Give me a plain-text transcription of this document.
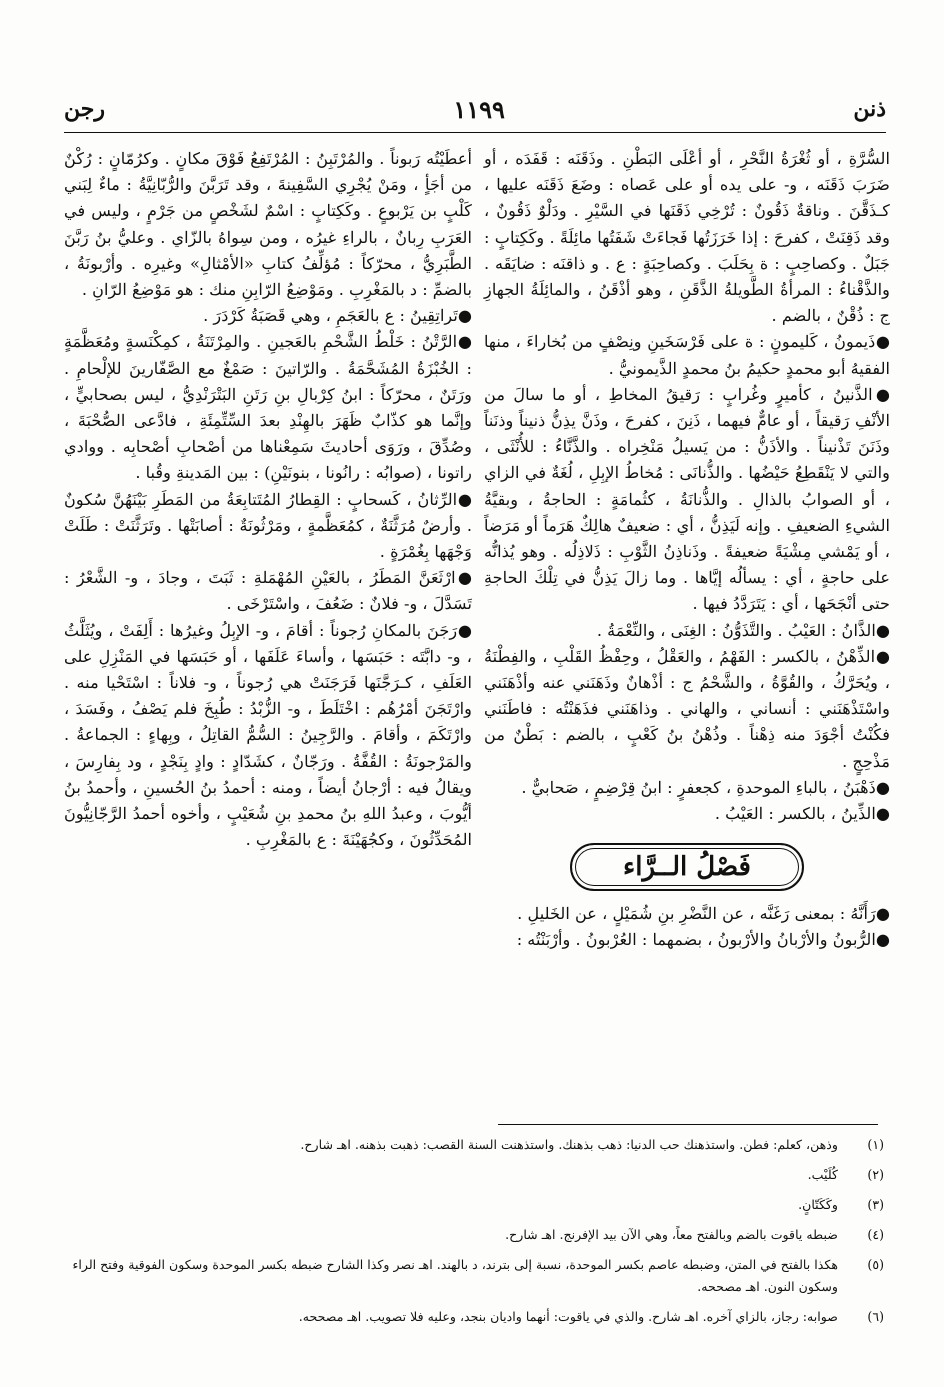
ذنن
١١٩٩
رجن

السُّرَّةِ ، أو ثُغْرَةُ النَّحْرِ ، أو أعْلَى البَطْنِ . وذَقَنَه : قَفَدَه ، أو ضَرَبَ ذَقَنَه ، و- على يده أو على عَصاه : وضَعَ ذَقَنَه عليها ، كـذَقَّنَ . وناقةٌ ذَقُونٌ : تُرْخِي ذَقَنَها في السَّيْرِ . ودَلْوٌ ذَقُونٌ ، وقد ذَقِنَتْ ، كفرحَ : إذا خَرَزَتُها فَجاءَتْ شَفَتُها مائِلَةً . وكَكِتابٍ : جَبَلٌ . وكصاحِبٍ : ة بِحَلَبَ . وكصاحِبَةٍ : ع . و ذاقنَه : ضايَقَه . والذَّقْناءُ : المرأةُ الطَّويلةُ الذَّقَنِ ، وهو أذْقَنُ ، والمائِلَةُ الجهازِ ج : ذُقْنٌ ، بالضم .

●ذَيمونُ ، كَليمونٍ : ة على فَرْسَخَينِ ونِصْفٍ من بُخاراءَ ، منها الفقيهُ أبو محمدٍ حكيمُ بنُ محمدٍ الذَّيمونيُّ .

●الذَّنينُ ، كأميرٍ وغُرابٍ : رَقيقُ المخاطِ ، أو ما سالَ من الأنْفِ رَقيقاً ، أو عامٌّ فيهما ، ذَنِنَ ، كفرحَ ، وذَنَّ يذِنُّ ذنيناً وذنَناً وذَنَنَ تَذْنيناً . والأذَنُّ : من يَسيلُ مَنْخِراه . والذَّنَّاءُ : للأُنْثَى ، والتي لا يَنْقَطِعُ حَيْضُها . والذُّنانَى : مُخاطُ الإبِلِ ، لُغَةٌ في الزاي ، أو الصوابُ بالذالِ . والذُّنانَةُ ، كثُمامَةٍ : الحاجةُ ، وبقيَّةُ الشيءِ الضعيفِ . وإنه لَيَذِنُّ ، أي : ضعيفٌ هالِكٌ هَرَماً أو مَرَضاً ، أو يَمْشي مِشْيَةً ضعيفةً . وذَناذِنُ الثَّوْبِ : ذَلاذِلُه . وهو يُذانُّه على حاجةٍ ، أي : يسألُه إيَّاها . وما زالَ يَذِنُّ في تِلْكَ الحاجةِ حتى أنْجَحَها ، أي : يَتَرَدَّدُ فيها .

●الذَّانُ : العَيْبُ . والتَّذَوُّنُ : الغِنَى ، والنِّعْمَةُ .

●الذِّهْنُ ، بالكسر : الفَهْمُ ، والعَقْلُ ، وحِفْظُ القَلْبِ ، والفِطْنَةُ ، ويُحَرَّكُ ، والقُوَّةُ ، والشَّحْمُ ج : أذْهانٌ وذَهَنَني عنه وأذْهَنَني واسْتَذْهَنَني : أنساني ، والهاني . وذاهَنَني فذَهَنْتُه : فاطَنَني فكُنْتُ أجْوَدَ منه ذِهْناً . وذُهْنُ بنُ كَعْبٍ ، بالضم : بَطْنٌ من مَذْحِجٍ .

●ذَهْبَنُ ، بالباءِ الموحدةِ ، كجعفرٍ : ابنُ قِرْضِمٍ ، صَحابيٌّ .

●الذِّينُ ، بالكسر : العَيْبُ .

فَصْلُ الــرَّاء

●رَأَنَّهُ : بمعنى رَغَنَّه ، عن النَّضْرِ بنِ شُمَيْلٍ ، عن الخَليلِ .

●الرُّبونُ والأرْبانُ والأرْبونُ ، بضمهما : العُرْبونُ . وأرْبَنْتُه :

أعطَيْتُه رَبوناً . والمُرْتَبِنُ : المُرْتَفِعُ فَوْقَ مكانٍ . وكرُمّانٍ : رُكْنٌ من أجَأٍ ، ومَنْ يُجْرِي السَّفِينةَ ، وقد تَرَبَّنَ والرُّبّانِيَّةُ : ماءٌ لِبَني كَلْبٍ بن يَرْبوعٍ . وكَكِتابٍ : اسْمٌ لشَخْصٍ من جَرْمٍ ، وليس في العَرَبِ رِبانٌ ، بالراءِ غيرُه ، ومن سِواهُ بالزّاي . وعليُّ بنُ رَبَّنَ الطَّبَرِيُّ ، محرّكاً : مُؤلِّفُ كتابِ «الأمْثالِ» وغيرِه . وأرْبونَةُ ، بالضمِّ : د بالمَغْرِبِ . ومَوْضِعُ الرّابِنِ منك : هو مَوْضِعُ الرّانِ .

●تَراتِقِينُ : ع بالعَجَمِ ، وهي قَصَبَةُ كَرْدَرَ .

●الرَّتْنُ : خَلْطُ الشَّحْمِ بالعَجينِ . والمِرْتَنَةُ ، كمِكْنَسةٍ ومُعَظَّمَةٍ : الخُبْزَةُ المُشَحَّمَةُ . والرّاتينَ : صَمْغٌ مع الصَّفّارينَ للإلْحامِ . ورَتَنٌ ، محرّكاً : ابنُ كِرْبالِ بنِ رَتَنِ البَتْرَنْدِيُّ ، ليس بصحابيٍّ ، وإنَّما هو كذّابٌ ظَهَرَ بالهِنْدِ بعدَ السِّتِّمِئَةِ ، فادَّعى الصُّحْبَةَ ، وصُدِّقَ ، ورَوَى أحاديثَ سَمِعْناها من أصْحابِ أصْحابِه . ووادي راتونا ، (صوابُه : رانُونا ، بنونَيْنِ) : بين المَدينةِ وقُبا .

●الرِّثانُ ، كَسحابٍ : القِطارُ المُتَتابِعَةُ من المَطَرِ بَيْنَهُنَّ سُكونٌ . وأرضٌ مُرَثَّنَةٌ ، كمُعَظَّمةٍ ، ومَرْثُونَةٌ : أصابَتْها . وتَرَثَّنَتْ : طَلَتْ وَجْهَها بِغُمْرَةٍ .

●ارْثَعَنَّ المَطَرُ ، بالعَيْنِ المُهْمَلةِ : ثَبَتَ ، وجادَ ، و- الشَّعْرُ : تَسَدَّلَ ، و- فلانٌ : ضَعُفَ ، واسْتَرْخَى .

●رَجَنَ بالمكانِ رُجوناً : أقامَ ، و- الإبِلُ وغيرُها : أَلِفَتْ ، ويُثَلَّثُ ، و- دابَّتَه : حَبَسَها ، وأساءَ عَلَفَها ، أو حَبَسَها في المَنْزِلِ على العَلَفِ ، كـرَجَّنَها فَرَجَنَتْ هي رُجوناً ، و- فلاناً : اسْتَحْيا منه . وارْتَجَنَ أمْرُهُم : اخْتَلَطَ ، و- الزُّبْدُ : طُبِخَ فلم يَصْفُ ، وفَسَدَ ، وارْتَكَمَ ، وأقامَ . والرَّجِينُ : السُّمُّ القاتِلُ ، وبِهاءٍ : الجماعةُ . والمَرْجونَةُ : القُفَّةُ . ورَجّانٌ ، كشَدّادٍ : وادٍ بِنَجْدٍ ، ود بِفارِسَ ، ويقالُ فيه : أرْجانُ أيضاً ، ومنه : أحمدُ بنُ الحُسينِ ، وأحمدُ بنُ أيُّوبَ ، وعبدُ اللهِ بنُ محمدِ بنِ شُعَيْبٍ ، وأخوه أحمدُ الرَّجّانِيُّونَ المُحَدِّثُونَ ، وكجُهَيْنَةَ : ع بالمَغْرِبِ .

(١)
وذهن، كعلم: فطن. واستذهنك حب الدنيا: ذهب بذهنك. واستذهنت السنة القصب: ذهبت بذهنه. اهـ شارح.
(٢)
كُلَيْب.
(٣)
وكَكَتّانٍ.
(٤)
ضبطه ياقوت بالضم وبالفتح معاً، وهي الآن بيد الإفرنج. اهـ شارح.
(٥)
هكذا بالفتح في المتن، وضبطه عاصم بكسر الموحدة، نسبة إلى بترند، د بالهند. اهـ نصر وكذا الشارح ضبطه بكسر الموحدة وسكون الفوقية وفتح الراء وسكون النون. اهـ مصححه.
(٦)
صوابه: رجاز، بالزاي آخره. اهـ شارح. والذي في ياقوت: أنهما واديان بنجد، وعليه فلا تصويب. اهـ مصححه.
